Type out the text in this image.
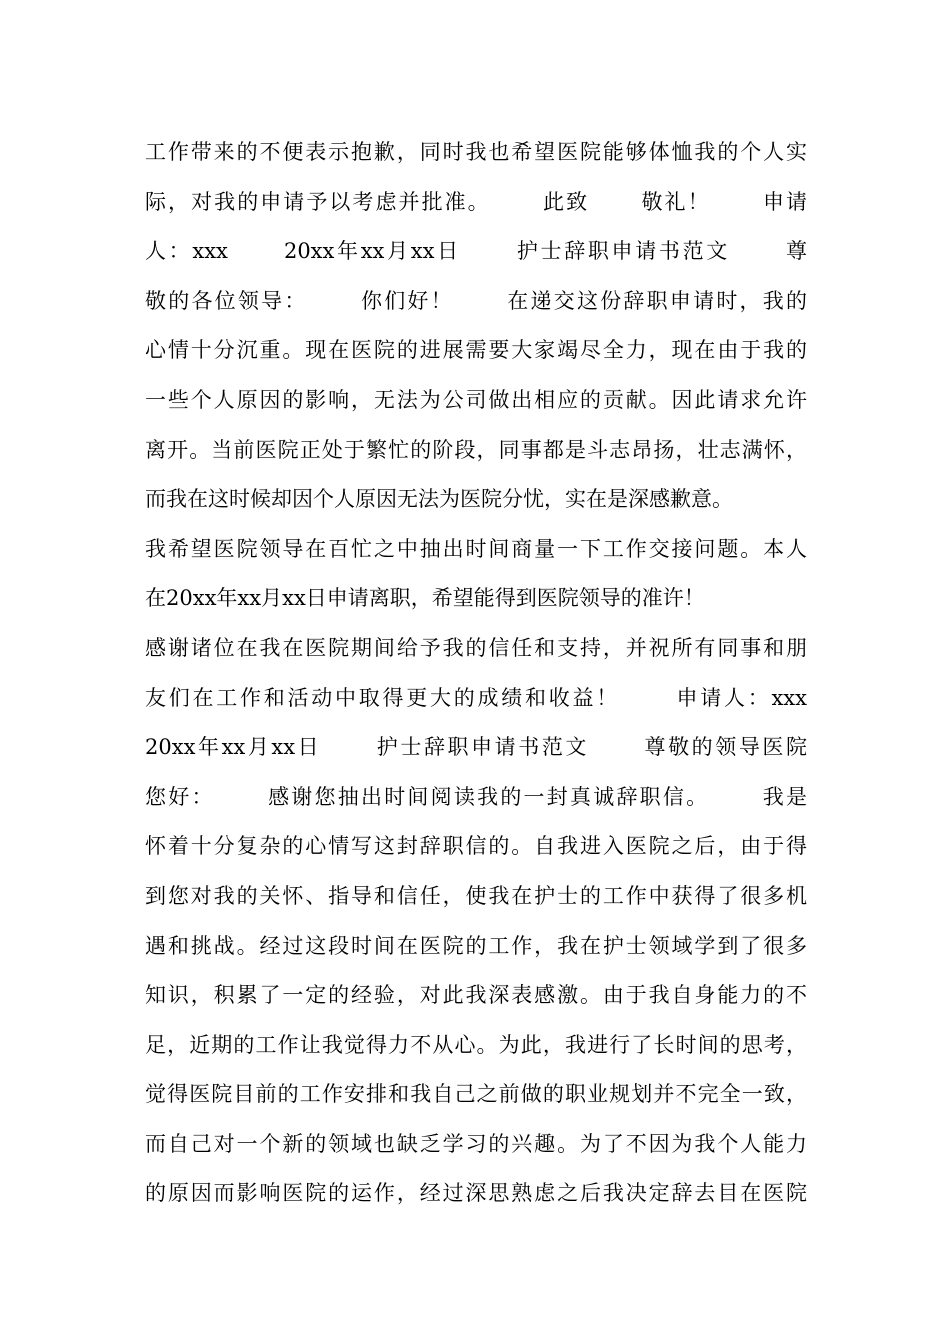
工作带来的不便表示抱歉，同时我也希望医院能够体恤我的个人实
际，对我的申请予以考虑并批准。      此致      敬礼！      申请
人：xxx      20xx年xx月xx日      护士辞职申请书范文      尊
敬的各位领导：      你们好！      在递交这份辞职申请时，我的
心情十分沉重。现在医院的进展需要大家竭尽全力，现在由于我的
一些个人原因的影响，无法为公司做出相应的贡献。因此请求允许
离开。当前医院正处于繁忙的阶段，同事都是斗志昂扬，壮志满怀，
而我在这时候却因个人原因无法为医院分忧，实在是深感歉意。
我希望医院领导在百忙之中抽出时间商量一下工作交接问题。本人
在20xx年xx月xx日申请离职，希望能得到医院领导的准许！
感谢诸位在我在医院期间给予我的信任和支持，并祝所有同事和朋
友们在工作和活动中取得更大的成绩和收益！      申请人：xxx
20xx年xx月xx日      护士辞职申请书范文      尊敬的领导医院
您好：      感谢您抽出时间阅读我的一封真诚辞职信。      我是
怀着十分复杂的心情写这封辞职信的。自我进入医院之后，由于得
到您对我的关怀、指导和信任，使我在护士的工作中获得了很多机
遇和挑战。经过这段时间在医院的工作，我在护士领域学到了很多
知识，积累了一定的经验，对此我深表感激。由于我自身能力的不
足，近期的工作让我觉得力不从心。为此，我进行了长时间的思考，
觉得医院目前的工作安排和我自己之前做的职业规划并不完全一致，
而自己对一个新的领域也缺乏学习的兴趣。为了不因为我个人能力
的原因而影响医院的运作，经过深思熟虑之后我决定辞去目在医院
